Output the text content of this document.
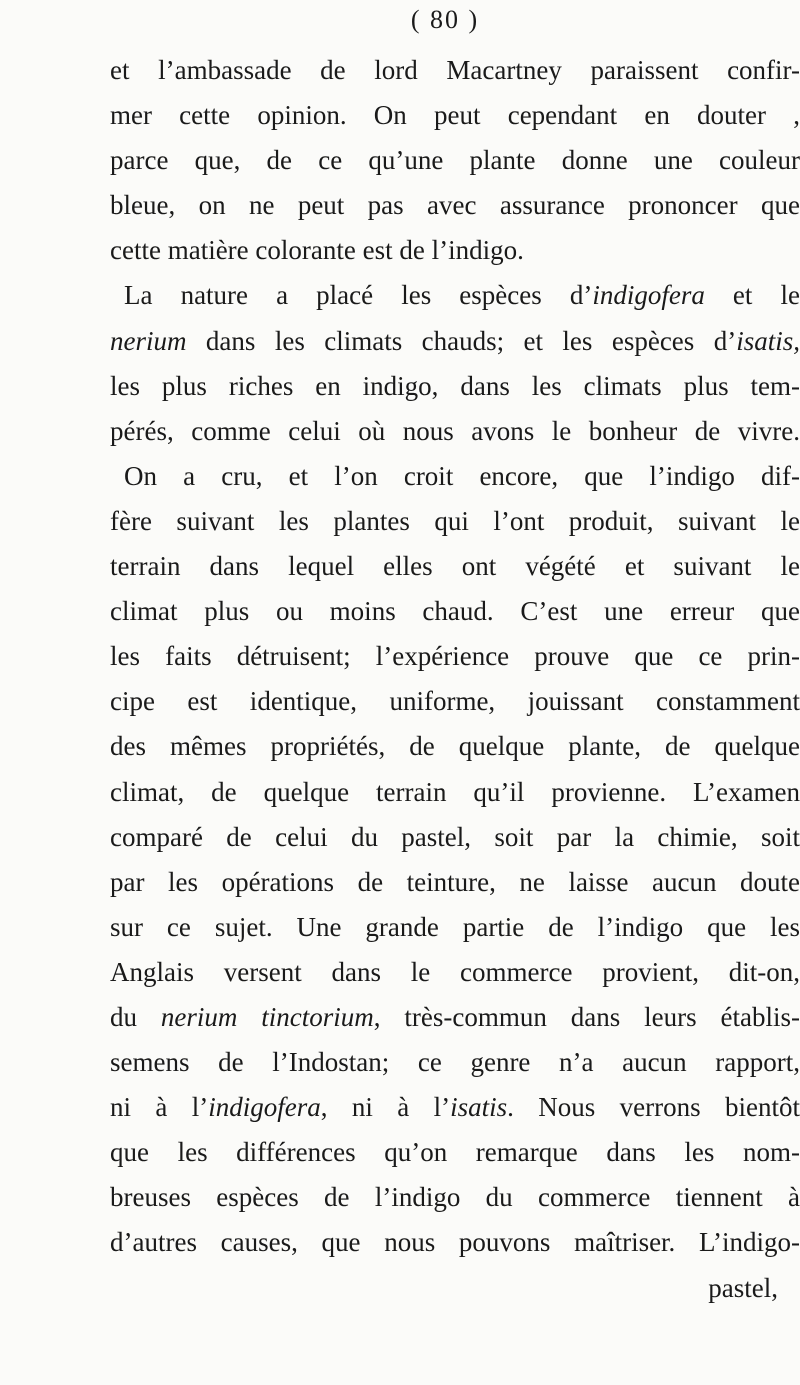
( 80 )
et l’ambassade de lord Macartney paraissent confir-
mer cette opinion. On peut cependant en douter ,
parce que, de ce qu’une plante donne une couleur
bleue, on ne peut pas avec assurance prononcer que
cette matière colorante est de l’indigo.
La nature a placé les espèces d’indigofera et le
nerium dans les climats chauds; et les espèces d’isatis,
les plus riches en indigo, dans les climats plus tem-
pérés, comme celui où nous avons le bonheur de vivre.
On a cru, et l’on croit encore, que l’indigo dif-
fère suivant les plantes qui l’ont produit, suivant le
terrain dans lequel elles ont végété et suivant le
climat plus ou moins chaud. C’est une erreur que
les faits détruisent; l’expérience prouve que ce prin-
cipe est identique, uniforme, jouissant constamment
des mêmes propriétés, de quelque plante, de quelque
climat, de quelque terrain qu’il provienne. L’examen
comparé de celui du pastel, soit par la chimie, soit
par les opérations de teinture, ne laisse aucun doute
sur ce sujet. Une grande partie de l’indigo que les
Anglais versent dans le commerce provient, dit-on,
du nerium tinctorium, très-commun dans leurs établis-
semens de l’Indostan; ce genre n’a aucun rapport,
ni à l’indigofera, ni à l’isatis. Nous verrons bientôt
que les différences qu’on remarque dans les nom-
breuses espèces de l’indigo du commerce tiennent à
d’autres causes, que nous pouvons maîtriser. L’indigo-
pastel,
